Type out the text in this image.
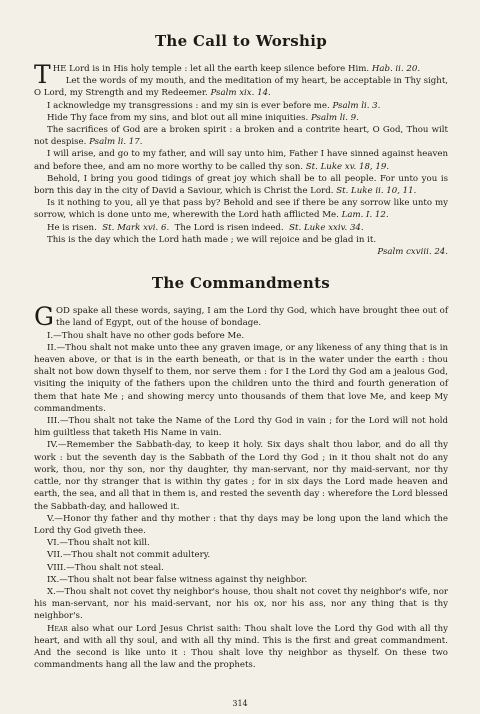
The Call to Worship

THE Lord is in His holy temple : let all the earth keep silence before Him. Hab. ii. 20.

Let the words of my mouth, and the meditation of my heart, be acceptable in Thy sight, O Lord, my Strength and my Redeemer. Psalm xix. 14.

I acknowledge my transgressions : and my sin is ever before me. Psalm li. 3.

Hide Thy face from my sins, and blot out all mine iniquities. Psalm li. 9.

The sacrifices of God are a broken spirit : a broken and a contrite heart, O God, Thou wilt not despise. Psalm li. 17.

I will arise, and go to my father, and will say unto him, Father I have sinned against heaven and before thee, and am no more worthy to be called thy son. St. Luke xv. 18, 19.

Behold, I bring you good tidings of great joy which shall be to all people. For unto you is born this day in the city of David a Saviour, which is Christ the Lord. St. Luke ii. 10, 11.

Is it nothing to you, all ye that pass by? Behold and see if there be any sorrow like unto my sorrow, which is done unto me, wherewith the Lord hath afflicted Me. Lam. I. 12.

He is risen. St. Mark xvi. 6. The Lord is risen indeed. St. Luke xxiv. 34.

This is the day which the Lord hath made ; we will rejoice and be glad in it.

Psalm cxviii. 24.

The Commandments

GOD spake all these words, saying, I am the Lord thy God, which have brought thee out of the land of Egypt, out of the house of bondage.

I.—Thou shalt have no other gods before Me.

II.—Thou shalt not make unto thee any graven image, or any likeness of any thing that is in heaven above, or that is in the earth beneath, or that is in the water under the earth : thou shalt not bow down thyself to them, nor serve them : for I the Lord thy God am a jealous God, visiting the iniquity of the fathers upon the children unto the third and fourth generation of them that hate Me ; and showing mercy unto thousands of them that love Me, and keep My commandments.

III.—Thou shalt not take the Name of the Lord thy God in vain ; for the Lord will not hold him guiltless that taketh His Name in vain.

IV.—Remember the Sabbath-day, to keep it holy. Six days shalt thou labor, and do all thy work : but the seventh day is the Sabbath of the Lord thy God ; in it thou shalt not do any work, thou, nor thy son, nor thy daughter, thy man-servant, nor thy maid-servant, nor thy cattle, nor thy stranger that is within thy gates ; for in six days the Lord made heaven and earth, the sea, and all that in them is, and rested the seventh day : wherefore the Lord blessed the Sabbath-day, and hallowed it.

V.—Honor thy father and thy mother : that thy days may be long upon the land which the Lord thy God giveth thee.

VI.—Thou shalt not kill.

VII.—Thou shalt not commit adultery.

VIII.—Thou shalt not steal.

IX.—Thou shalt not bear false witness against thy neighbor.

X.—Thou shalt not covet thy neighbor's house, thou shalt not covet thy neighbor's wife, nor his man-servant, nor his maid-servant, nor his ox, nor his ass, nor any thing that is thy neighbor's.

Hear also what our Lord Jesus Christ saith: Thou shalt love the Lord thy God with all thy heart, and with all thy soul, and with all thy mind. This is the first and great commandment. And the second is like unto it : Thou shalt love thy neighbor as thyself. On these two commandments hang all the law and the prophets.

314
